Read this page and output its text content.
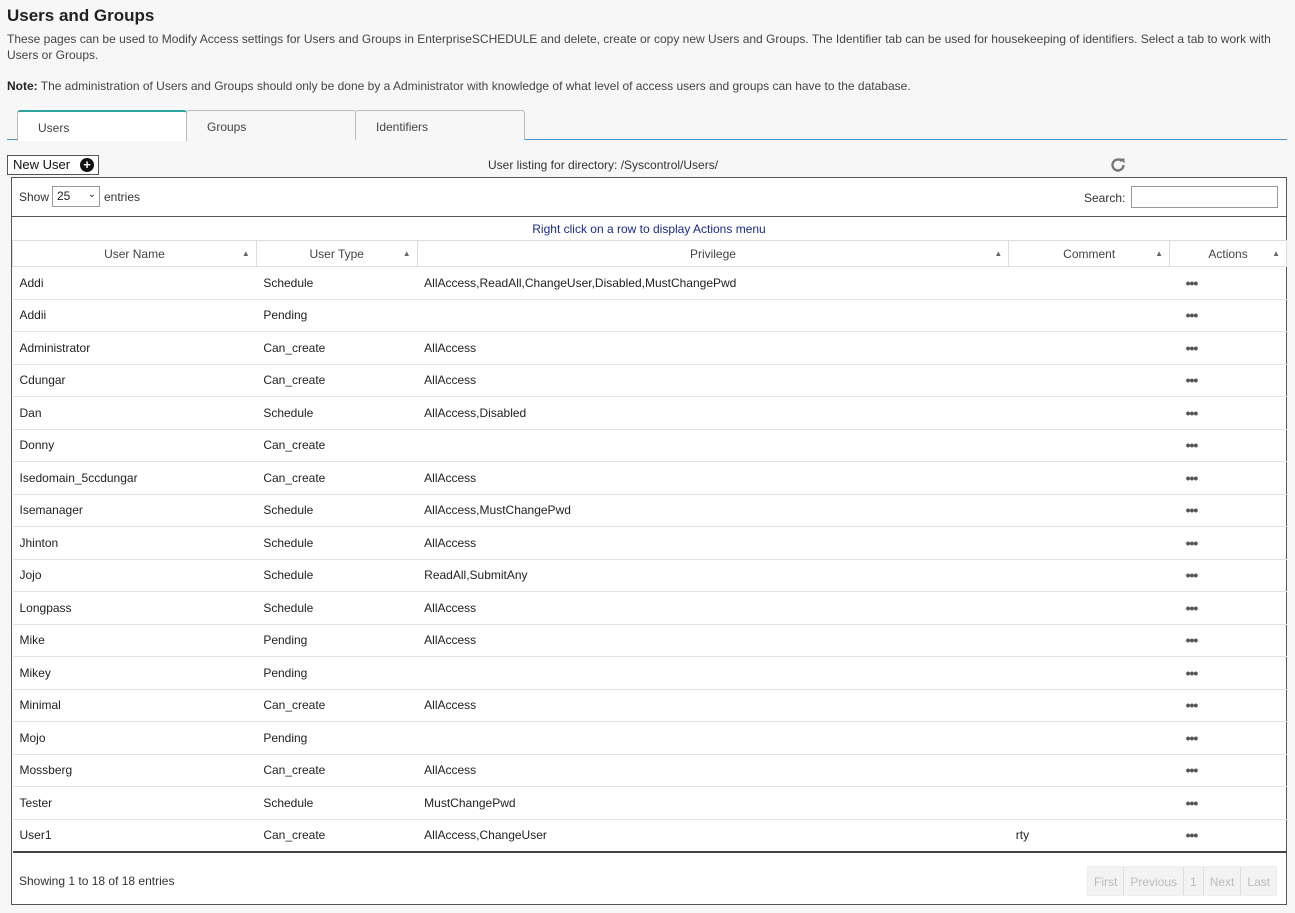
Users and Groups
These pages can be used to Modify Access settings for Users and Groups in EnterpriseSCHEDULE and delete, create or copy new Users and Groups. The Identifier tab can be used for housekeeping of identifiers. Select a tab to work with Users or Groups.
Note: The administration of Users and Groups should only be done by a Administrator with knowledge of what level of access users and groups can have to the database.
Users	Groups	Identifiers
New User +	User listing for directory: /Syscontrol/Users/
Show 25 ⌄ entries	Search:
Right click on a row to display Actions menu
User Name ▲	User Type ▲	Privilege ▲	Comment ▲	Actions ▲

Addi	Schedule	AllAccess,ReadAll,ChangeUser,Disabled,MustChangePwd		•••
Addii	Pending			•••
Administrator	Can_create	AllAccess		•••
Cdungar	Can_create	AllAccess		•••
Dan	Schedule	AllAccess,Disabled		•••
Donny	Can_create			•••
Isedomain_5ccdungar	Can_create	AllAccess		•••
Isemanager	Schedule	AllAccess,MustChangePwd		•••
Jhinton	Schedule	AllAccess		•••
Jojo	Schedule	ReadAll,SubmitAny		•••
Longpass	Schedule	AllAccess		•••
Mike	Pending	AllAccess		•••
Mikey	Pending			•••
Minimal	Can_create	AllAccess		•••
Mojo	Pending			•••
Mossberg	Can_create	AllAccess		•••
Tester	Schedule	MustChangePwd		•••
User1	Can_create	AllAccess,ChangeUser	rty	•••
Showing 1 to 18 of 18 entries	First	Previous	1	Next	Last
